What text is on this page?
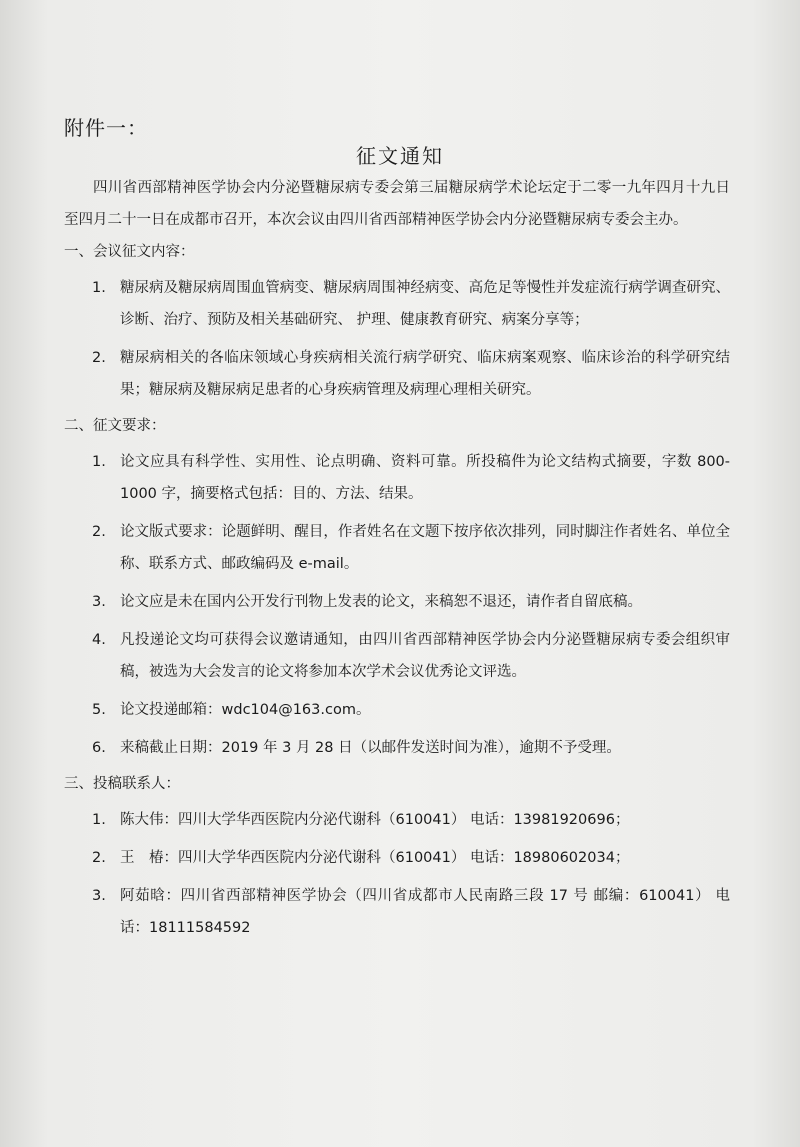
附件一：
征文通知

四川省西部精神医学协会内分泌暨糖尿病专委会第三届糖尿病学术论坛定于二零一九年四月十九日至四月二十一日在成都市召开，本次会议由四川省西部精神医学协会内分泌暨糖尿病专委会主办。

一、会议征文内容：
1. 糖尿病及糖尿病周围血管病变、糖尿病周围神经病变、高危足等慢性并发症流行病学调查研究、诊断、治疗、预防及相关基础研究、 护理、健康教育研究、病案分享等；
2. 糖尿病相关的各临床领域心身疾病相关流行病学研究、临床病案观察、临床诊治的科学研究结果；糖尿病及糖尿病足患者的心身疾病管理及病理心理相关研究。
二、征文要求：
1. 论文应具有科学性、实用性、论点明确、资料可靠。所投稿件为论文结构式摘要，字数 800-1000 字，摘要格式包括：目的、方法、结果。
2. 论文版式要求：论题鲜明、醒目，作者姓名在文题下按序依次排列，同时脚注作者姓名、单位全称、联系方式、邮政编码及 e-mail。
3. 论文应是未在国内公开发行刊物上发表的论文，来稿恕不退还，请作者自留底稿。
4. 凡投递论文均可获得会议邀请通知，由四川省西部精神医学协会内分泌暨糖尿病专委会组织审稿，被选为大会发言的论文将参加本次学术会议优秀论文评选。
5. 论文投递邮箱：wdc104@163.com。
6. 来稿截止日期：2019 年 3 月 28 日（以邮件发送时间为准），逾期不予受理。
三、投稿联系人：
1. 陈大伟：四川大学华西医院内分泌代谢科（610041） 电话：13981920696；
2. 王　椿：四川大学华西医院内分泌代谢科（610041） 电话：18980602034；
3. 阿茹晗：四川省西部精神医学协会（四川省成都市人民南路三段 17 号 邮编：610041） 电话：18111584592
